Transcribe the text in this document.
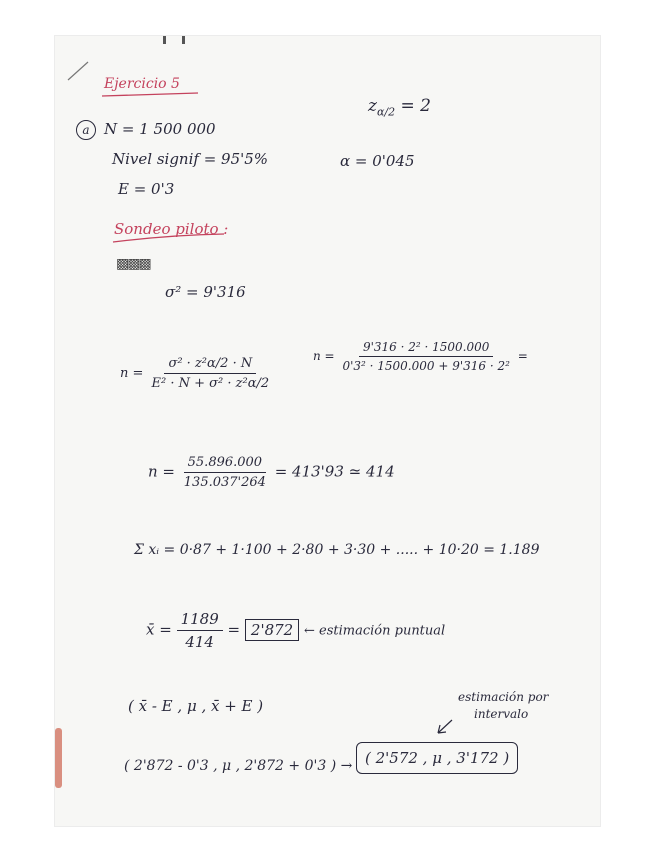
Ejercicio 5
a N = 1 500 000
$z_{\alpha/2} = 2$
Nivel signif = 95'5%	α = 0'045
E = 0'3
Sondeo piloto :
▩▩▩
σ² = 9'316
$n = \frac{\text{σ² · z²α/2 · N}}{\text{E² · N + σ² · z²α/2}}$	$n = \frac{\text{9'316 · 2² · 1500.000}}{\text{0'3² · 1500.000 + 9'316 · 2²}}$ =
$n = \frac{55.896.000}{135.037'264} = 413'93$ ≃ 414
Σ xᵢ = 0·87 + 1·100 + 2·80 + 3·30 + ..... + 10·20 = 1.189
x̄ = $\frac{1189}{414} = 2'872$ ← estimación puntual
( x̄ - E , μ , x̄ + E )	estimación por
intervalo
( 2'872 - 0'3 , μ , 2'872 + 0'3 ) → ( 2'572 , μ , 3'172 )
